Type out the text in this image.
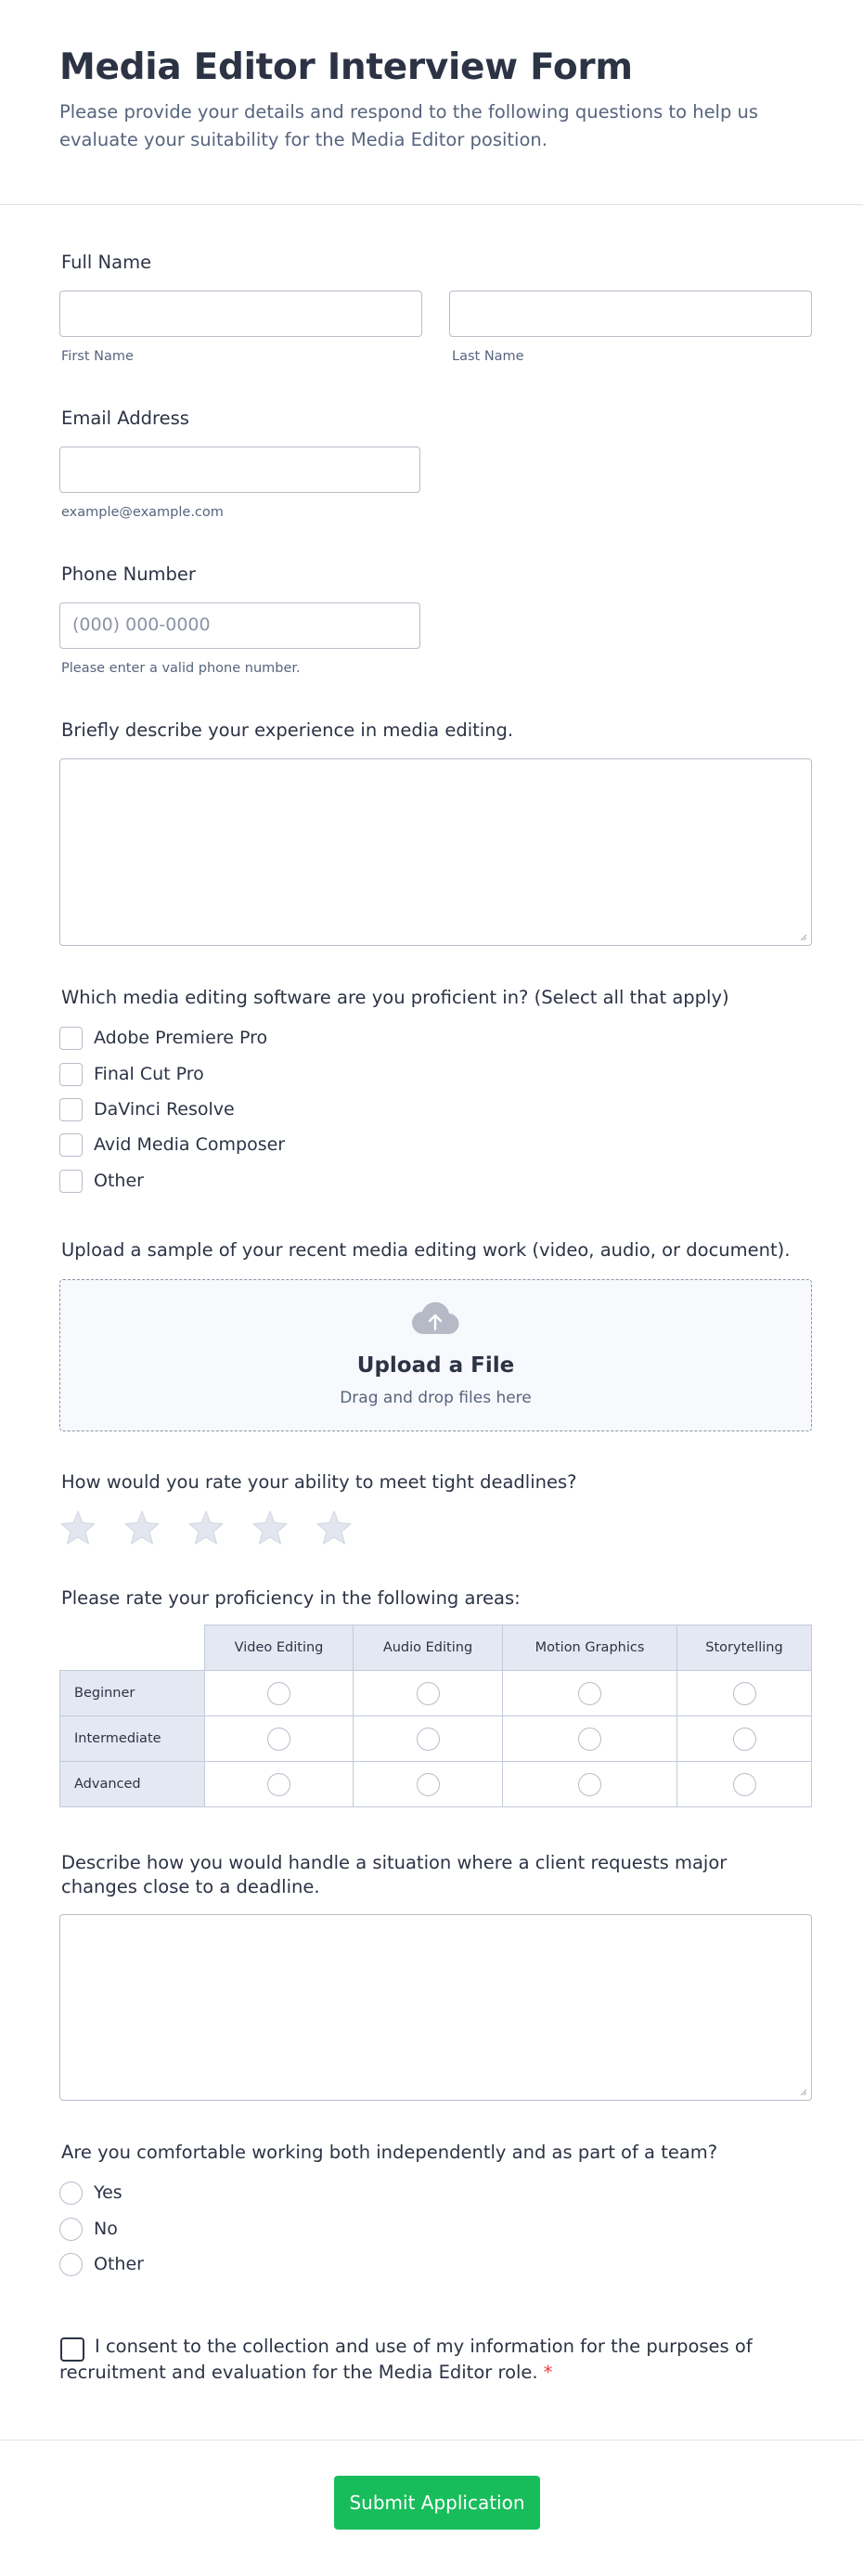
Media Editor Interview Form

Please provide your details and respond to the following questions to help us evaluate your suitability for the Media Editor position.

Full Name
First Name	Last Name
Email Address
example@example.com
Phone Number
(000) 000-0000
Please enter a valid phone number.
Briefly describe your experience in media editing.
Which media editing software are you proficient in? (Select all that apply)
Adobe Premiere Pro
Final Cut Pro
DaVinci Resolve
Avid Media Composer
Other
Upload a sample of your recent media editing work (video, audio, or document).
Upload a File
Drag and drop files here
How would you rate your ability to meet tight deadlines?
Please rate your proficiency in the following areas:
	Video Editing	Audio Editing	Motion Graphics	Storytelling
Beginner				
Intermediate				
Advanced				
Describe how you would handle a situation where a client requests major changes close to a deadline.
Are you comfortable working both independently and as part of a team?
Yes
No
Other

I consent to the collection and use of my information for the purposes of recruitment and evaluation for the Media Editor role. *

Submit Application
